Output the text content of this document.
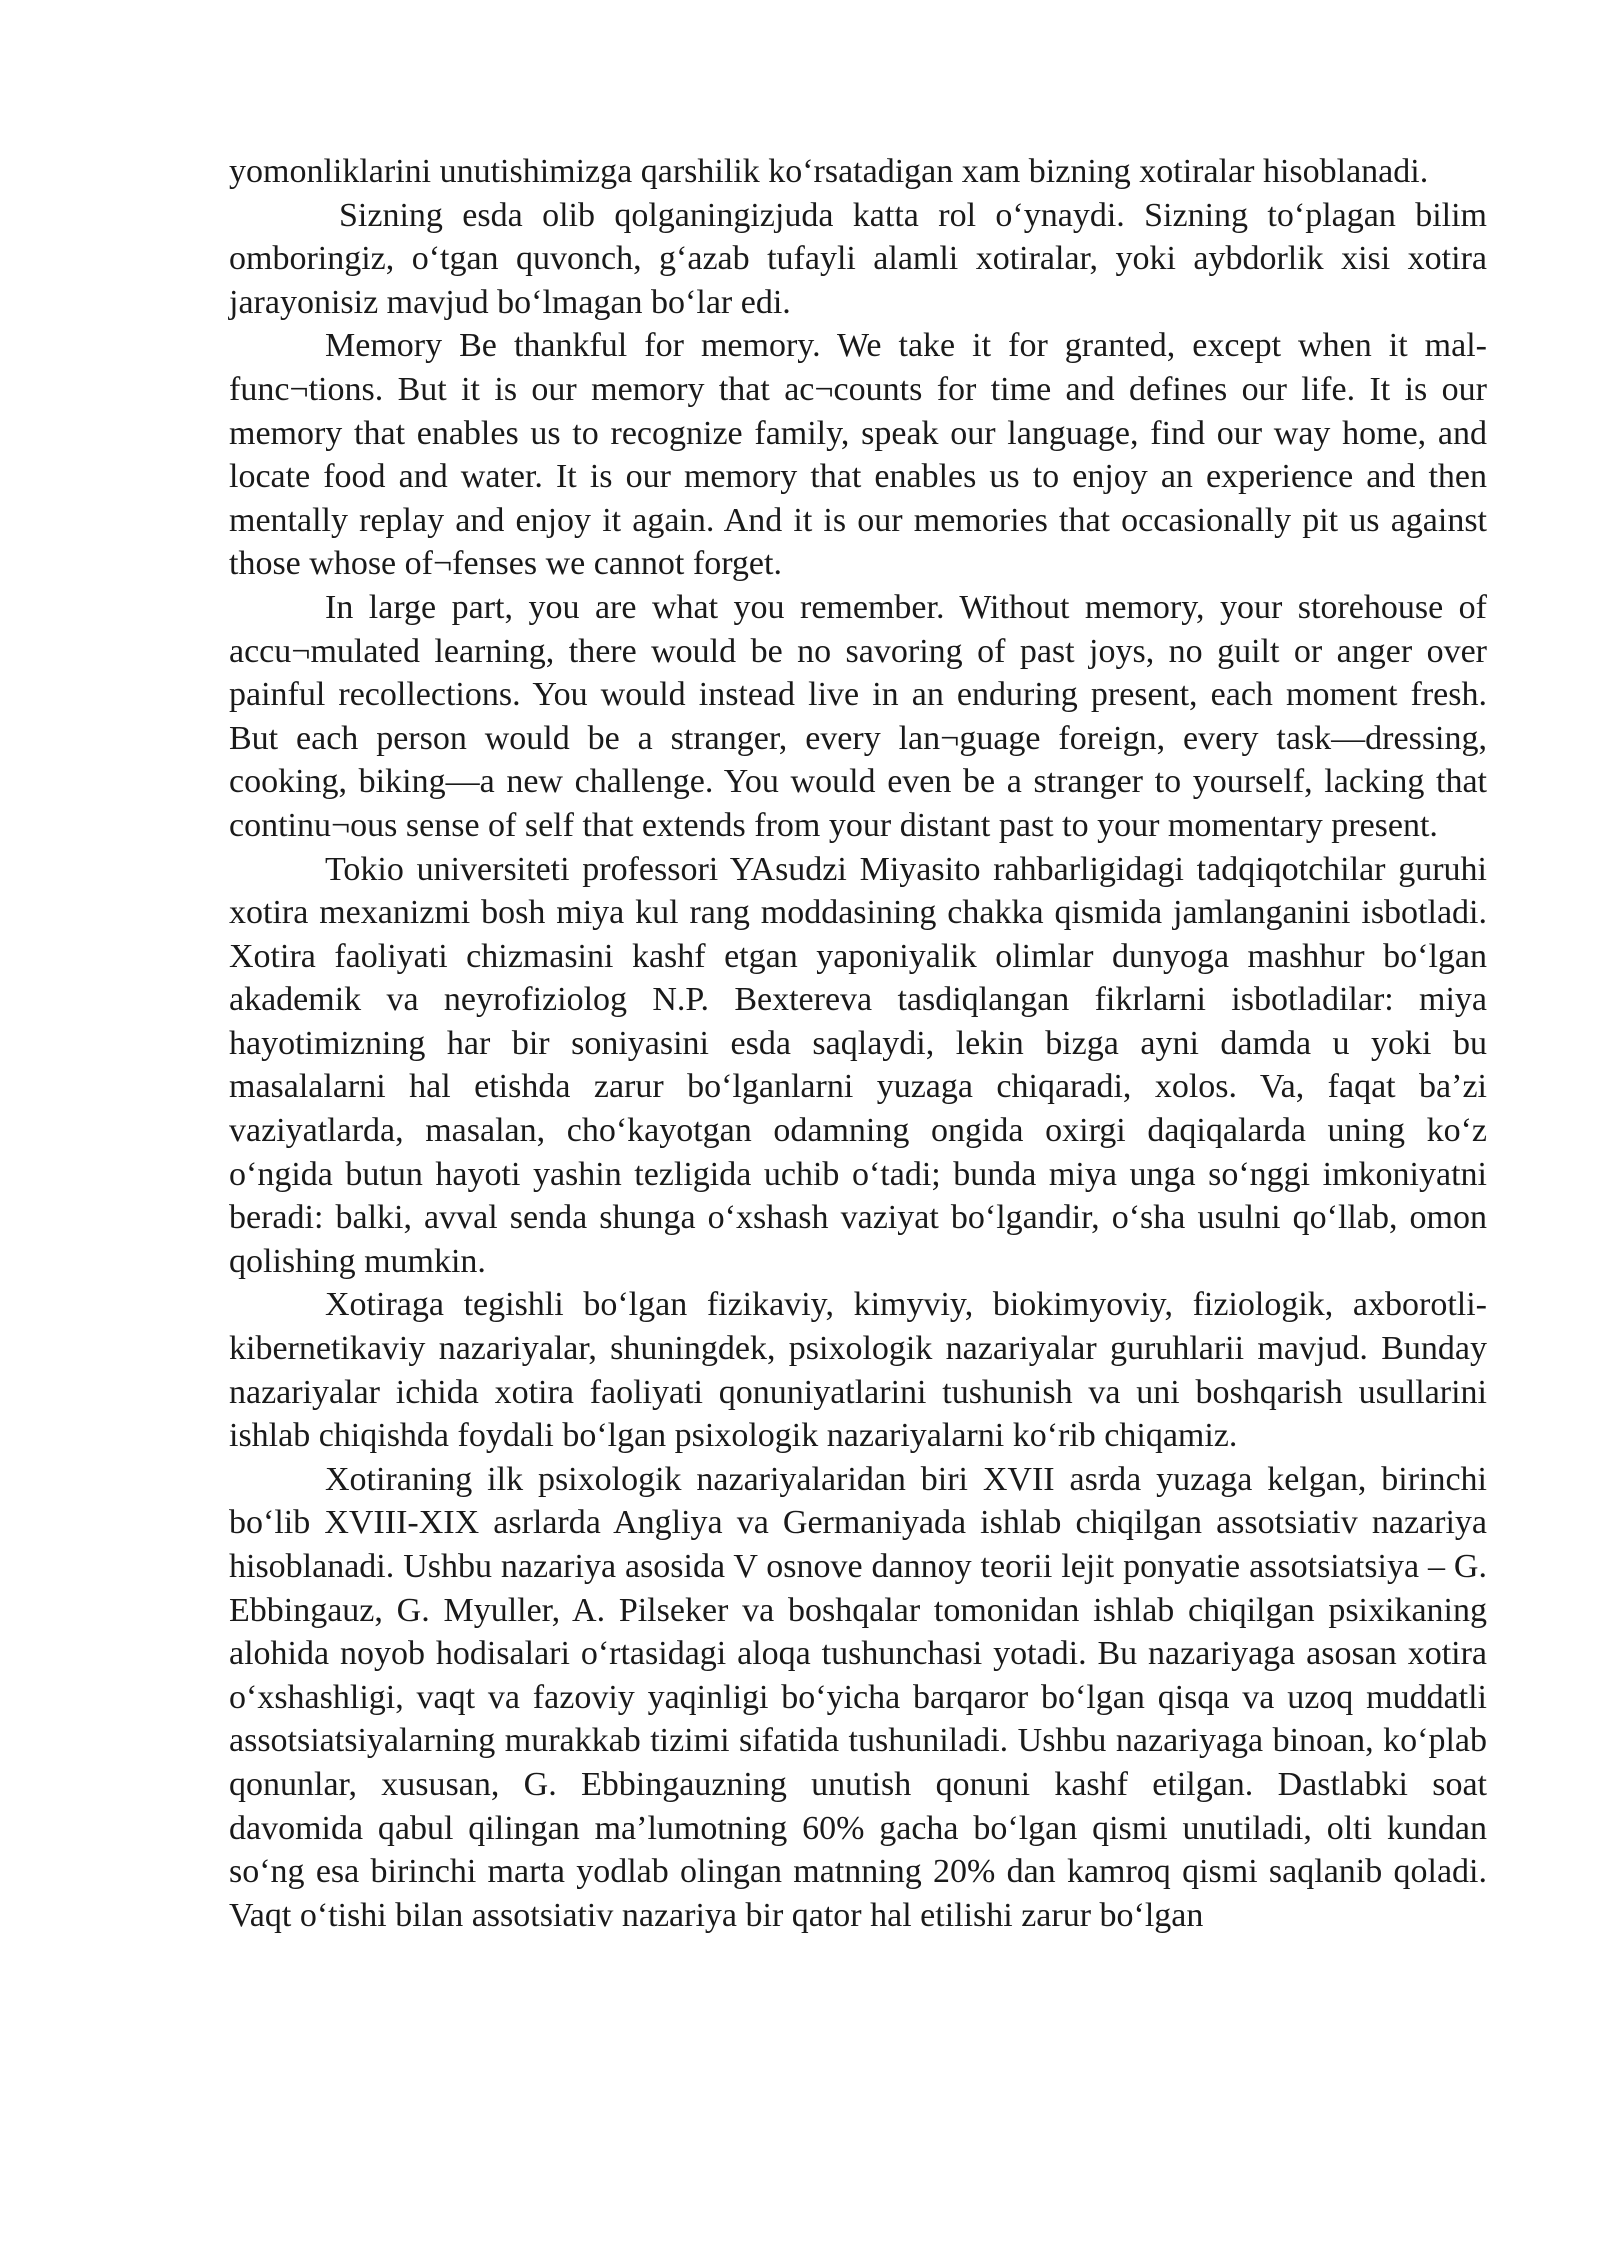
yomonliklarini unutishimizga qarshilik ko‘rsatadigan xam bizning xotiralar hisoblanadi.

Sizning esda olib qolganingizjuda katta rol o‘ynaydi. Sizning to‘plagan bilim omboringiz, o‘tgan quvonch, g‘azab tufayli alamli xotiralar, yoki aybdorlik xisi xotira jarayonisiz mavjud bo‘lmagan bo‘lar edi.

Memory Be thankful for memory. We take it for granted, except when it mal-func¬tions. But it is our memory that ac¬counts for time and defines our life. It is our memory that enables us to recognize family, speak our language, find our way home, and locate food and water. It is our memory that enables us to enjoy an experience and then mentally replay and enjoy it again. And it is our memories that occasionally pit us against those whose of¬fenses we cannot forget.

In large part, you are what you remember. Without memory, your storehouse of accu¬mulated learning, there would be no savoring of past joys, no guilt or anger over painful recollections. You would instead live in an enduring present, each moment fresh. But each person would be a stranger, every lan¬guage foreign, every task—dressing, cooking, biking—a new challenge. You would even be a stranger to yourself, lacking that continu¬ous sense of self that extends from your distant past to your momentary present.

Tokio universiteti professori YAsudzi Miyasito rahbarligidagi tadqiqotchilar guruhi xotira mexanizmi bosh miya kul rang moddasining chakka qismida jamlanganini isbotladi. Xotira faoliyati chizmasini kashf etgan yaponiyalik olimlar dunyoga mashhur bo‘lgan akademik va neyrofiziolog N.P. Bextereva tasdiqlangan fikrlarni isbotladilar: miya hayotimizning har bir soniyasini esda saqlaydi, lekin bizga ayni damda u yoki bu masalalarni hal etishda zarur bo‘lganlarni yuzaga chiqaradi, xolos. Va, faqat ba’zi vaziyatlarda, masalan, cho‘kayotgan odamning ongida oxirgi daqiqalarda uning ko‘z o‘ngida butun hayoti yashin tezligida uchib o‘tadi; bunda miya unga so‘nggi imkoniyatni beradi: balki, avval senda shunga o‘xshash vaziyat bo‘lgandir, o‘sha usulni qo‘llab, omon qolishing mumkin.

Xotiraga tegishli bo‘lgan fizikaviy, kimyviy, biokimyoviy, fiziologik, axborotli-kibernetikaviy nazariyalar, shuningdek, psixologik nazariyalar guruhlarii mavjud. Bunday nazariyalar ichida xotira faoliyati qonuniyatlarini tushunish va uni boshqarish usullarini ishlab chiqishda foydali bo‘lgan psixologik nazariyalarni ko‘rib chiqamiz.

Xotiraning ilk psixologik nazariyalaridan biri XVII asrda yuzaga kelgan, birinchi bo‘lib XVIII-XIX asrlarda Angliya va Germaniyada ishlab chiqilgan assotsiativ nazariya hisoblanadi. Ushbu nazariya asosida V osnove dannoy teorii lejit ponyatie assotsiatsiya – G. Ebbingauz, G. Myuller, A. Pilseker va boshqalar tomonidan ishlab chiqilgan psixikaning alohida noyob hodisalari o‘rtasidagi aloqa tushunchasi yotadi. Bu nazariyaga asosan xotira o‘xshashligi, vaqt va fazoviy yaqinligi bo‘yicha barqaror bo‘lgan qisqa va uzoq muddatli assotsiatsiyalarning murakkab tizimi sifatida tushuniladi. Ushbu nazariyaga binoan, ko‘plab qonunlar, xususan, G. Ebbingauzning unutish qonuni kashf etilgan. Dastlabki soat davomida qabul qilingan ma’lumotning 60% gacha bo‘lgan qismi unutiladi, olti kundan so‘ng esa birinchi marta yodlab olingan matnning 20% dan kamroq qismi saqlanib qoladi. Vaqt o‘tishi bilan assotsiativ nazariya bir qator hal etilishi zarur bo‘lgan
